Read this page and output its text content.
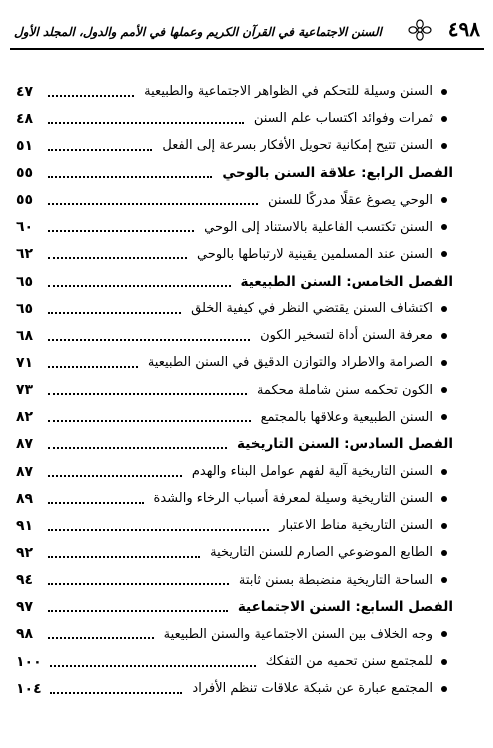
٤٩٨
السنن الاجتماعية في القرآن الكريم وعملها في الأمم والدول، المجلد الأول
السنن وسيلة للتحكم في الظواهر الاجتماعية والطبيعية
٤٧
ثمرات وفوائد اكتساب علم السنن
٤٨
السنن تتيح إمكانية تحويل الأفكار بسرعة إلى الفعل
٥١
الفصل الرابع: علاقة السنن بالوحي
٥٥
الوحي يصوغ عقلًا مدركًا للسنن
٥٥
السنن تكتسب الفاعلية بالاستناد إلى الوحي
٦٠
السنن عند المسلمين يقينية لارتباطها بالوحي
٦٢
الفصل الخامس: السنن الطبيعية
٦٥
اكتشاف السنن يقتضي النظر في كيفية الخلق
٦٥
معرفة السنن أداة لتسخير الكون
٦٨
الصرامة والاطراد والتوازن الدقيق في السنن الطبيعية
٧١
الكون تحكمه سنن شاملة محكمة
٧٣
السنن الطبيعية وعلاقها بالمجتمع
٨٢
الفصل السادس: السنن التاريخية
٨٧
السنن التاريخية آلية لفهم عوامل البناء والهدم
٨٧
السنن التاريخية وسيلة لمعرفة أسباب الرخاء والشدة
٨٩
السنن التاريخية مناط الاعتبار
٩١
الطابع الموضوعي الصارم للسنن التاريخية
٩٢
الساحة التاريخية منضبطة بسنن ثابتة
٩٤
الفصل السابع: السنن الاجتماعية
٩٧
وجه الخلاف بين السنن الاجتماعية والسنن الطبيعية
٩٨
للمجتمع سنن تحميه من التفكك
١٠٠
المجتمع عبارة عن شبكة علاقات تنظم الأفراد
١٠٤
